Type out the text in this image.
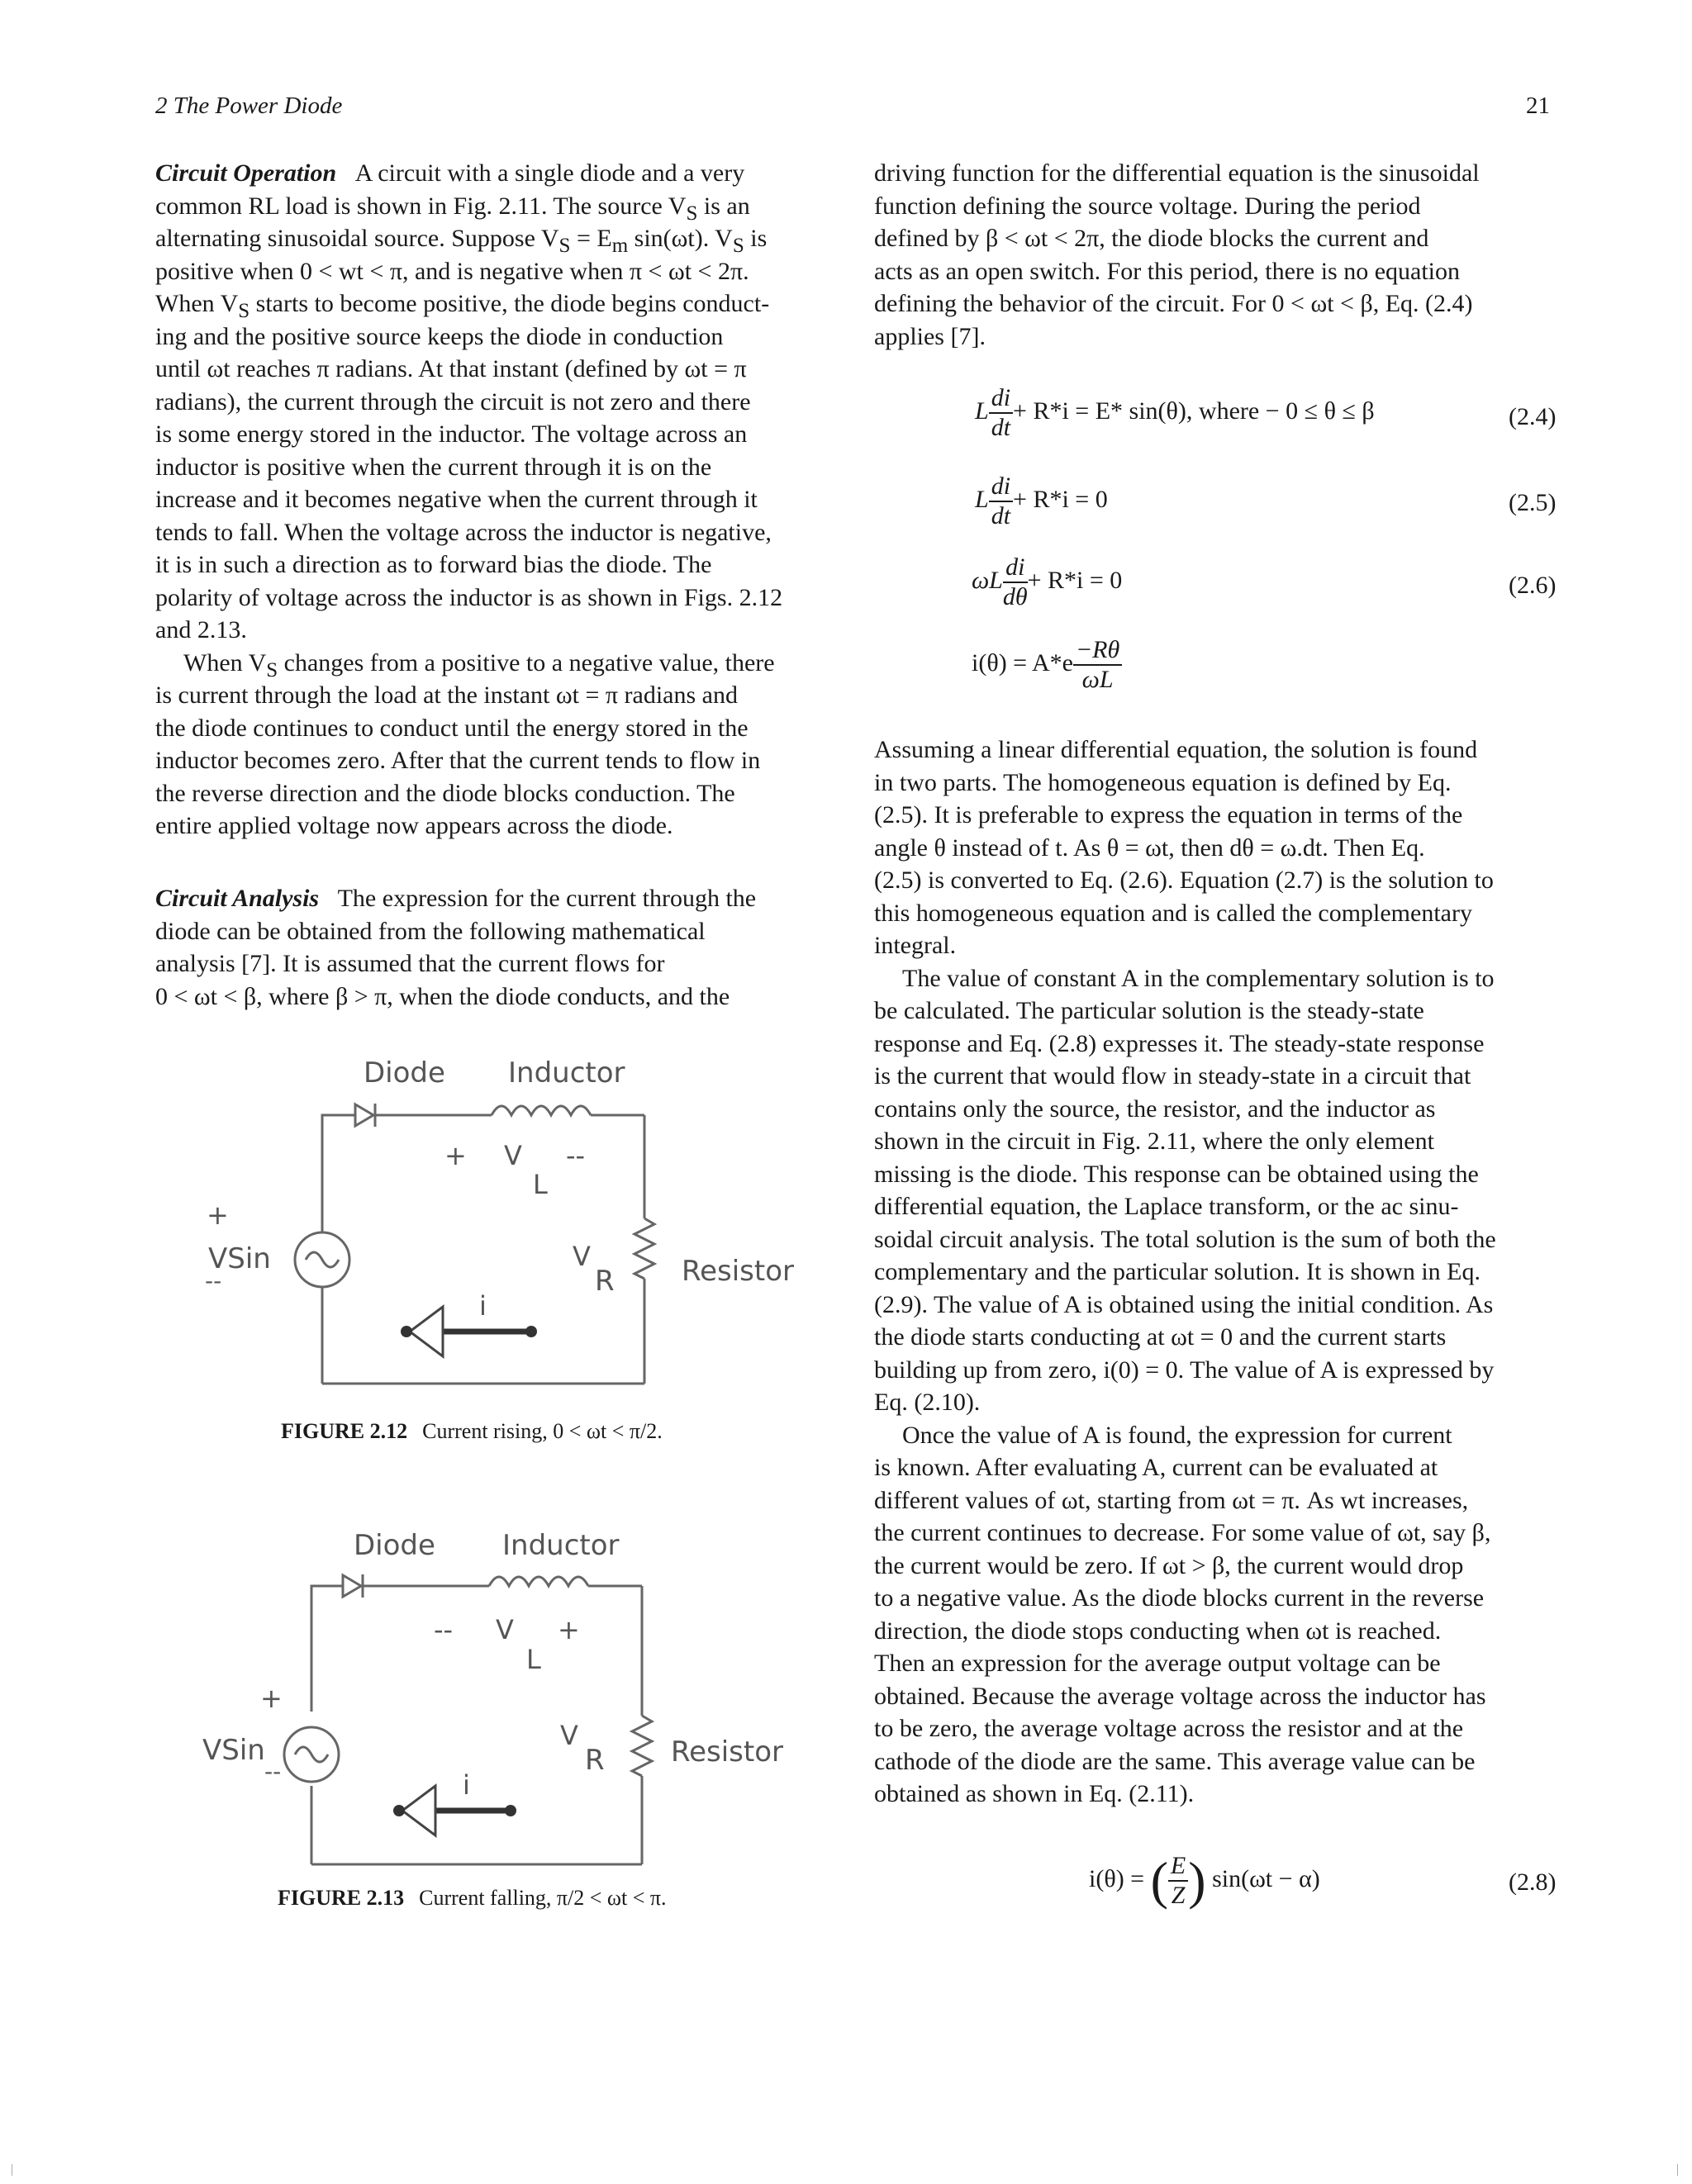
2 The Power Diode	21
Circuit Operation A circuit with a single diode and a very
common RL load is shown in Fig. 2.11. The source $V_S$ is an
alternating sinusoidal source. Suppose $V_S = E_m$ sin(ωt). $V_S$ is
positive when 0 < wt < π, and is negative when π < ωt < 2π.
When $V_S$ starts to become positive, the diode begins conduct-
ing and the positive source keeps the diode in conduction
until ωt reaches π radians. At that instant (defined by ωt = π
radians), the current through the circuit is not zero and there
is some energy stored in the inductor. The voltage across an
inductor is positive when the current through it is on the
increase and it becomes negative when the current through it
tends to fall. When the voltage across the inductor is negative,
it is in such a direction as to forward bias the diode. The
polarity of voltage across the inductor is as shown in Figs. 2.12
and 2.13.
When $V_S$ changes from a positive to a negative value, there
is current through the load at the instant ωt = π radians and
the diode continues to conduct until the energy stored in the
inductor becomes zero. After that the current tends to flow in
the reverse direction and the diode blocks conduction. The
entire applied voltage now appears across the diode.
Circuit Analysis The expression for the current through the
diode can be obtained from the following mathematical
analysis [7]. It is assumed that the current flows for
0 < ωt < β, where β > π, when the diode conducts, and the
Diode Inductor
+ V --
L
+
VSin
--
V
R Resistor
i
FIGURE 2.12 Current rising, 0 < ωt < π/2.
Diode Inductor
-- V +
L
+
VSin
--
V
R Resistor
i
FIGURE 2.13 Current falling, π/2 < ωt < π.
driving function for the differential equation is the sinusoidal
function defining the source voltage. During the period
defined by β < ωt < 2π, the diode blocks the current and
acts as an open switch. For this period, there is no equation
defining the behavior of the circuit. For 0 < ωt < β, Eq. (2.4)
applies [7].
L $\frac{di}{dt} + R*i = E*$ sin(θ), where − 0 ≤ θ ≤ β	(2.4)
L $\frac{di}{dt} + R*i = 0$	(2.5)
ωL $\frac{di}{d\theta} + R*i = 0$	(2.6)
$i(\theta) = A*e \frac{-R\theta}{\omega L}$
Assuming a linear differential equation, the solution is found
in two parts. The homogeneous equation is defined by Eq.
(2.5). It is preferable to express the equation in terms of the
angle θ instead of t. As θ = ωt, then dθ = ω.dt. Then Eq.
(2.5) is converted to Eq. (2.6). Equation (2.7) is the solution to
this homogeneous equation and is called the complementary
integral.
The value of constant A in the complementary solution is to
be calculated. The particular solution is the steady-state
response and Eq. (2.8) expresses it. The steady-state response
is the current that would flow in steady-state in a circuit that
contains only the source, the resistor, and the inductor as
shown in the circuit in Fig. 2.11, where the only element
missing is the diode. This response can be obtained using the
differential equation, the Laplace transform, or the ac sinu-
soidal circuit analysis. The total solution is the sum of both the
complementary and the particular solution. It is shown in Eq.
(2.9). The value of A is obtained using the initial condition. As
the diode starts conducting at ωt = 0 and the current starts
building up from zero, i(0) = 0. The value of A is expressed by
Eq. (2.10).
Once the value of A is found, the expression for current
is known. After evaluating A, current can be evaluated at
different values of ωt, starting from ωt = π. As wt increases,
the current continues to decrease. For some value of ωt, say β,
the current would be zero. If ωt > β, the current would drop
to a negative value. As the diode blocks current in the reverse
direction, the diode stops conducting when ωt is reached.
Then an expression for the average output voltage can be
obtained. Because the average voltage across the inductor has
to be zero, the average voltage across the resistor and at the
cathode of the diode are the same. This average value can be
obtained as shown in Eq. (2.11).
i(θ) = ( $\frac{E}{Z}$ ) sin(ωt − α)	(2.8)
